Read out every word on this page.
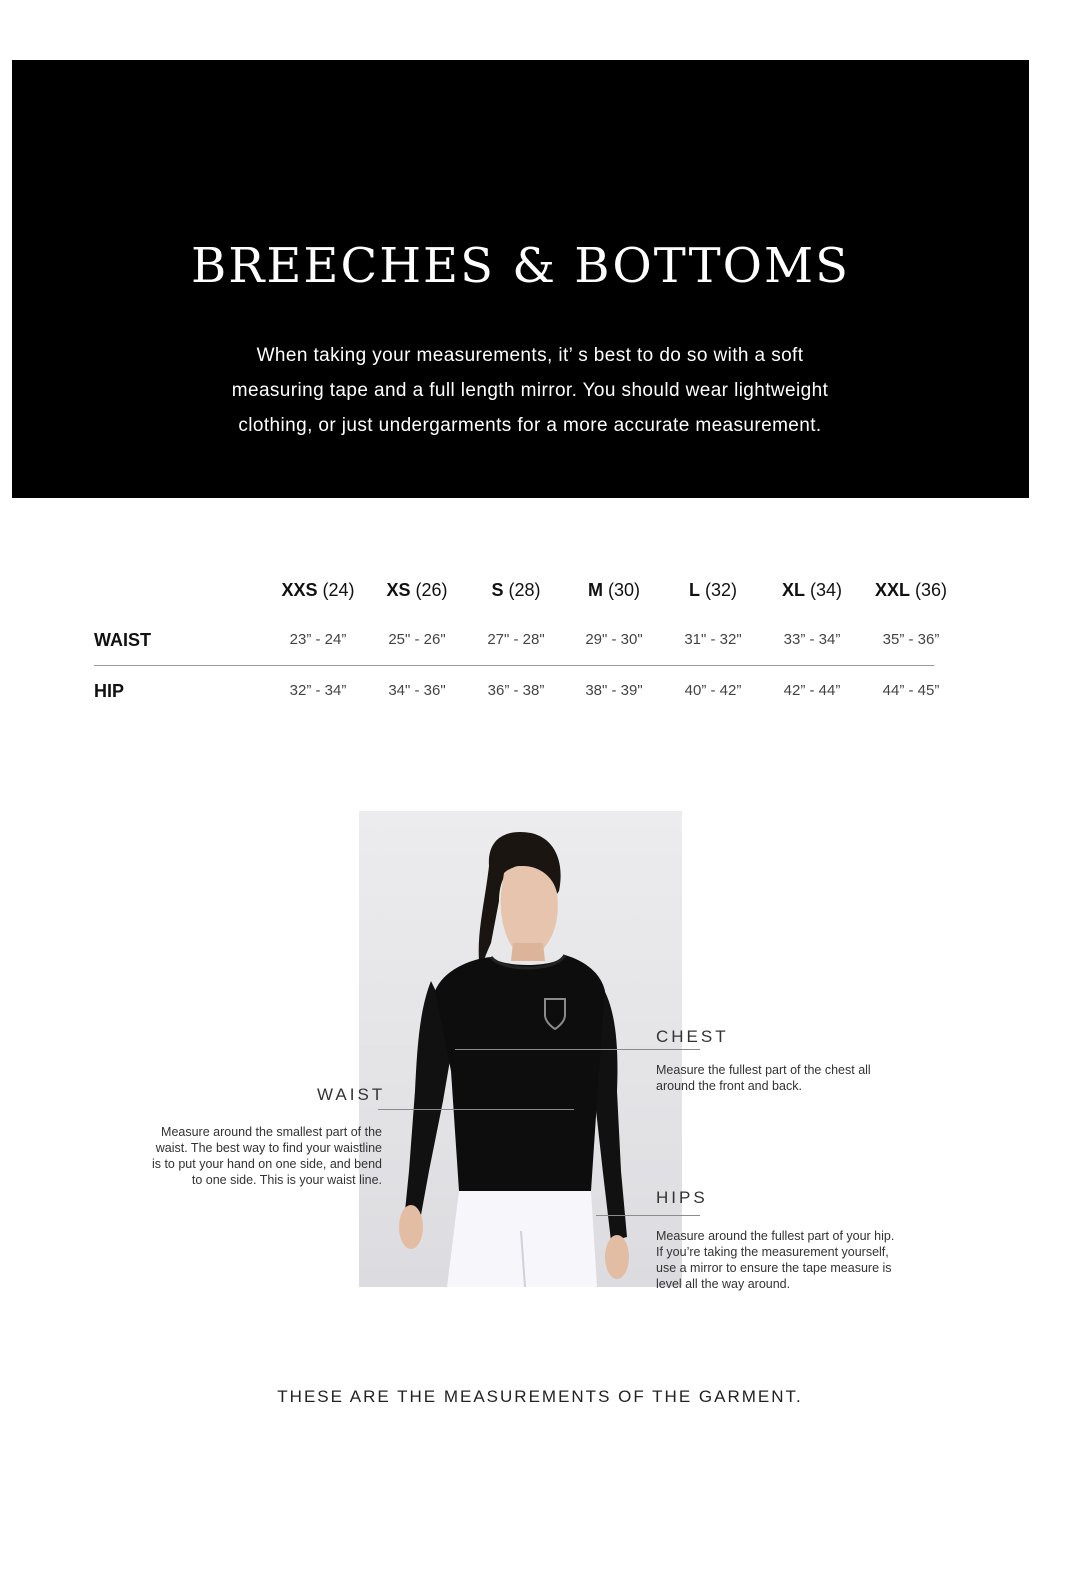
BREECHES & BOTTOMS

When taking your measurements, it’ s best to do so with a soft measuring tape and a full length mirror. You should wear lightweight clothing, or just undergarments for a more accurate measurement.

XXS (24)	XS (26)	S (28)	M (30)	L (32)	XL (34)	XXL (36)
WAIST	23” - 24”	25" - 26"	27" - 28"	29" - 30"	31" - 32"	33” - 34”	35” - 36”
HIP	32” - 34”	34" - 36"	36” - 38”	38" - 39"	40” - 42”	42” - 44”	44” - 45”
CHEST

Measure the fullest part of the chest all around the front and back.

WAIST

Measure around the smallest part of the waist. The best way to find your waistline is to put your hand on one side, and bend to one side. This is your waist line.

HIPS

Measure around the fullest part of your hip. If you’re taking the measurement yourself, use a mirror to ensure the tape measure is level all the way around.

THESE ARE THE MEASUREMENTS OF THE GARMENT.
